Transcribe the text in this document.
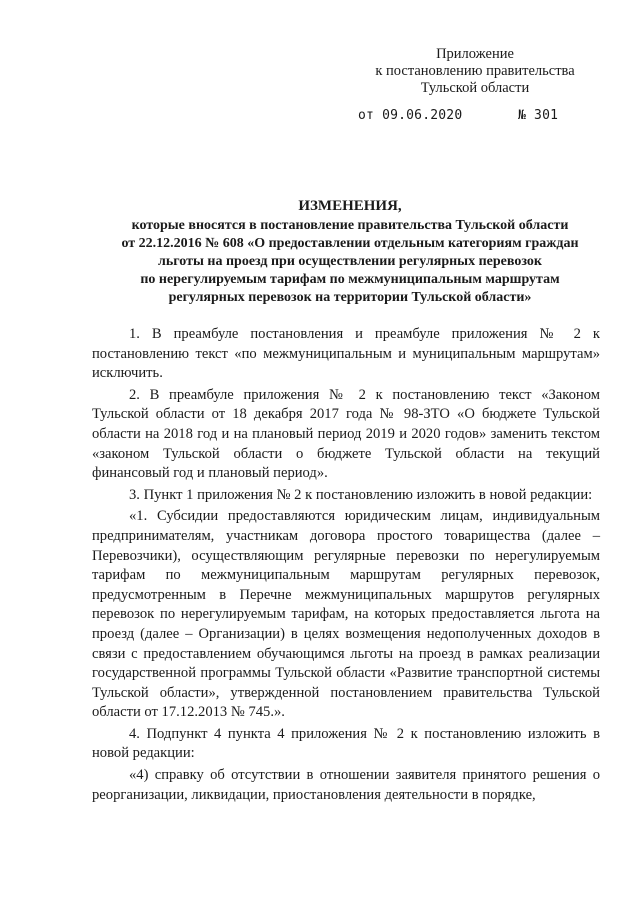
Приложение
к постановлению правительства
Тульской области
от 09.06.2020	№ 301
ИЗМЕНЕНИЯ,
которые вносятся в постановление правительства Тульской области
от 22.12.2016 № 608 «О предоставлении отдельным категориям граждан
льготы на проезд при осуществлении регулярных перевозок
по нерегулируемым тарифам по межмуниципальным маршрутам
регулярных перевозок на территории Тульской области»

1. В преамбуле постановления и преамбуле приложения № 2 к постановлению текст «по межмуниципальным и муниципальным маршрутам» исключить.

2. В преамбуле приложения № 2 к постановлению текст «Законом Тульской области от 18 декабря 2017 года № 98-ЗТО «О бюджете Тульской области на 2018 год и на плановый период 2019 и 2020 годов» заменить текстом «законом Тульской области о бюджете Тульской области на текущий финансовый год и плановый период».

3. Пункт 1 приложения № 2 к постановлению изложить в новой редакции:

«1. Субсидии предоставляются юридическим лицам, индивидуальным предпринимателям, участникам договора простого товарищества (далее – Перевозчики), осуществляющим регулярные перевозки по нерегулируемым тарифам по межмуниципальным маршрутам регулярных перевозок, предусмотренным в Перечне межмуниципальных маршрутов регулярных перевозок по нерегулируемым тарифам, на которых предоставляется льгота на проезд (далее – Организации) в целях возмещения недополученных доходов в связи с предоставлением обучающимся льготы на проезд в рамках реализации государственной программы Тульской области «Развитие транспортной системы Тульской области», утвержденной постановлением правительства Тульской области от 17.12.2013 № 745.».

4. Подпункт 4 пункта 4 приложения № 2 к постановлению изложить в новой редакции:

«4) справку об отсутствии в отношении заявителя принятого решения о реорганизации, ликвидации, приостановления деятельности в порядке,
